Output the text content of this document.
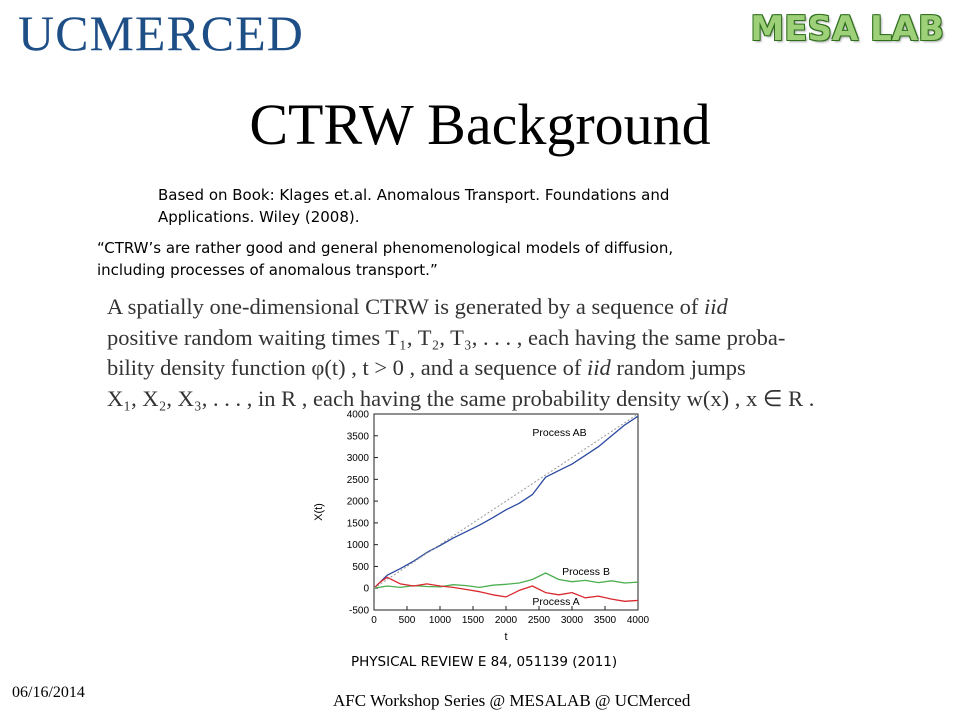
UCMERCED	MESA LAB
CTRW Background
Based on Book: Klages et.al. Anomalous Transport. Foundations and
Applications. Wiley (2008).
“CTRW’s are rather good and general phenomenological models of diffusion,
including processes of anomalous transport.”
A spatially one-dimensional CTRW is generated by a sequence of iid
positive random waiting times T₁, T₂, T₃, . . . , each having the same proba-
bility density function φ(t) , t > 0 , and a sequence of iid random jumps
X₁, X₂, X₃, . . . , in R , each having the same probability density w(x) , x ∈ R .
0 500 1000 1500 2000 2500 3000 3500 4000
-500
0
500
1000
1500
2000
2500
3000
3500
4000
Process AB
Process B
Process A
t
X(t)
PHYSICAL REVIEW E 84, 051139 (2011)
06/16/2014	AFC Workshop Series @ MESALAB @ UCMerced
